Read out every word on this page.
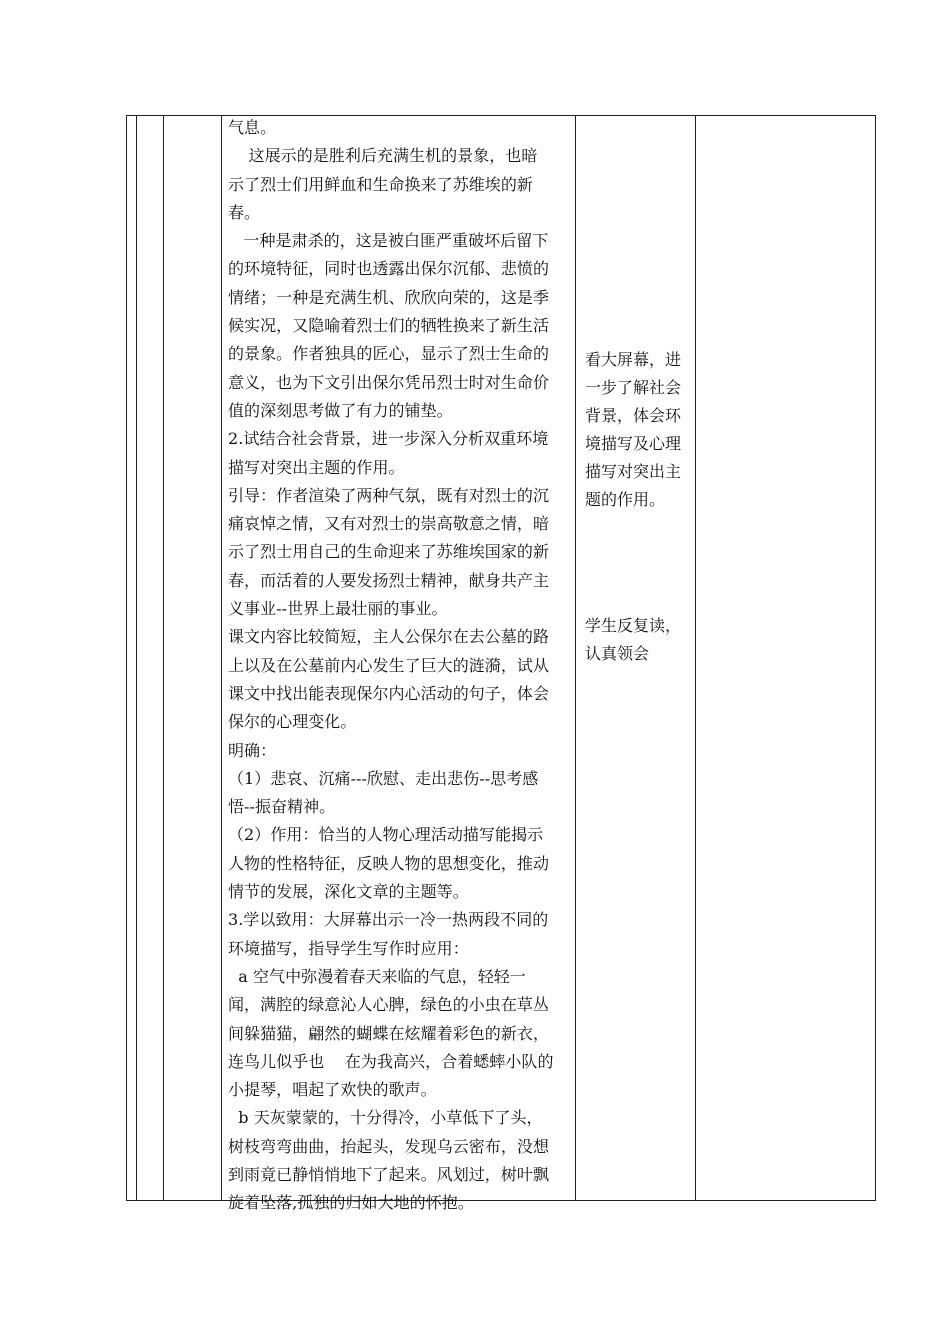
气息。

这展示的是胜利后充满生机的景象，也暗

示了烈士们用鲜血和生命换来了苏维埃的新

春。

一种是肃杀的，这是被白匪严重破坏后留下

的环境特征，同时也透露出保尔沉郁、悲愤的

情绪；一种是充满生机、欣欣向荣的，这是季

候实况，又隐喻着烈士们的牺牲换来了新生活

的景象。作者独具的匠心，显示了烈士生命的

意义，也为下文引出保尔凭吊烈士时对生命价

值的深刻思考做了有力的铺垫。

2.试结合社会背景，进一步深入分析双重环境

描写对突出主题的作用。

引导：作者渲染了两种气氛，既有对烈士的沉

痛哀悼之情，又有对烈士的崇高敬意之情，暗

示了烈士用自己的生命迎来了苏维埃国家的新

春，而活着的人要发扬烈士精神，献身共产主

义事业--世界上最壮丽的事业。

课文内容比较简短，主人公保尔在去公墓的路

上以及在公墓前内心发生了巨大的涟漪，试从

课文中找出能表现保尔内心活动的句子，体会

保尔的心理变化。

明确：

（1）悲哀、沉痛---欣慰、走出悲伤--思考感

悟--振奋精神。

（2）作用：恰当的人物心理活动描写能揭示

人物的性格特征，反映人物的思想变化，推动

情节的发展，深化文章的主题等。

3.学以致用：大屏幕出示一冷一热两段不同的

环境描写，指导学生写作时应用：

a 空气中弥漫着春天来临的气息，轻轻一

闻，满腔的绿意沁人心脾，绿色的小虫在草丛

间躲猫猫，翩然的蝴蝶在炫耀着彩色的新衣，

连鸟儿似乎也    在为我高兴，合着蟋蟀小队的

小提琴，唱起了欢快的歌声。

b 天灰蒙蒙的，十分得冷，小草低下了头，

树枝弯弯曲曲，抬起头，发现乌云密布，没想

到雨竟已静悄悄地下了起来。风划过，树叶飘

旋着坠落,孤独的归如大地的怀抱。

看大屏幕，进

一步了解社会

背景，体会环

境描写及心理

描写对突出主

题的作用。

学生反复读，

认真领会
